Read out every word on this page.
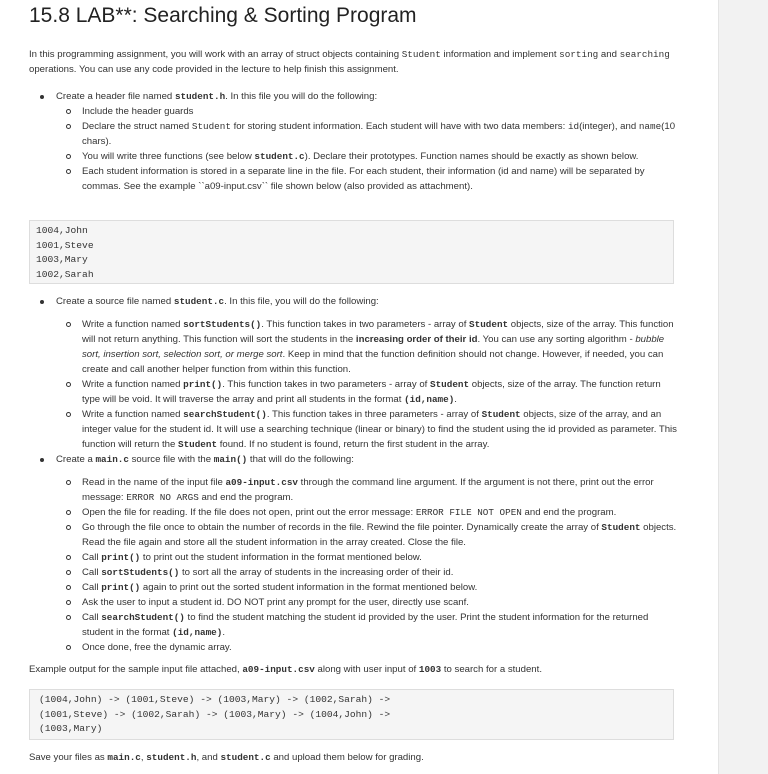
15.8 LAB**: Searching & Sorting Program

In this programming assignment, you will work with an array of struct objects containing Student information and implement sorting and searching operations. You can use any code provided in the lecture to help finish this assignment.

Create a header file named student.h. In this file you will do the following:
Include the header guards
Declare the struct named Student for storing student information. Each student will have with two data members: id(integer), and name(10 chars).
You will write three functions (see below student.c). Declare their prototypes. Function names should be exactly as shown below.
Each student information is stored in a separate line in the file. For each student, their information (id and name) will be separated by commas. See the example ``a09-input.csv`` file shown below (also provided as attachment).
1004,John
1001,Steve
1003,Mary
1002,Sarah
Create a source file named student.c. In this file, you will do the following:
Write a function named sortStudents(). This function takes in two parameters - array of Student objects, size of the array. This function will not return anything. This function will sort the students in the increasing order of their id. You can use any sorting algorithm - bubble sort, insertion sort, selection sort, or merge sort. Keep in mind that the function definition should not change. However, if needed, you can create and call another helper function from within this function.
Write a function named print(). This function takes in two parameters - array of Student objects, size of the array. The function return type will be void. It will traverse the array and print all students in the format (id,name).
Write a function named searchStudent(). This function takes in three parameters - array of Student objects, size of the array, and an integer value for the student id. It will use a searching technique (linear or binary) to find the student using the id provided as parameter. This function will return the Student found. If no student is found, return the first student in the array.
Create a main.c source file with the main() that will do the following:
Read in the name of the input file a09-input.csv through the command line argument. If the argument is not there, print out the error message: ERROR NO ARGS and end the program.
Open the file for reading. If the file does not open, print out the error message: ERROR FILE NOT OPEN and end the program.
Go through the file once to obtain the number of records in the file. Rewind the file pointer. Dynamically create the array of Student objects. Read the file again and store all the student information in the array created. Close the file.
Call print() to print out the student information in the format mentioned below.
Call sortStudents() to sort all the array of students in the increasing order of their id.
Call print() again to print out the sorted student information in the format mentioned below.
Ask the user to input a student id. DO NOT print any prompt for the user, directly use scanf.
Call searchStudent() to find the student matching the student id provided by the user. Print the student information for the returned student in the format (id,name).
Once done, free the dynamic array.

Example output for the sample input file attached, a09-input.csv along with user input of 1003 to search for a student.

(1004,John) -> (1001,Steve) -> (1003,Mary) -> (1002,Sarah) ->
(1001,Steve) -> (1002,Sarah) -> (1003,Mary) -> (1004,John) ->
(1003,Mary)

Save your files as main.c, student.h, and student.c and upload them below for grading.
